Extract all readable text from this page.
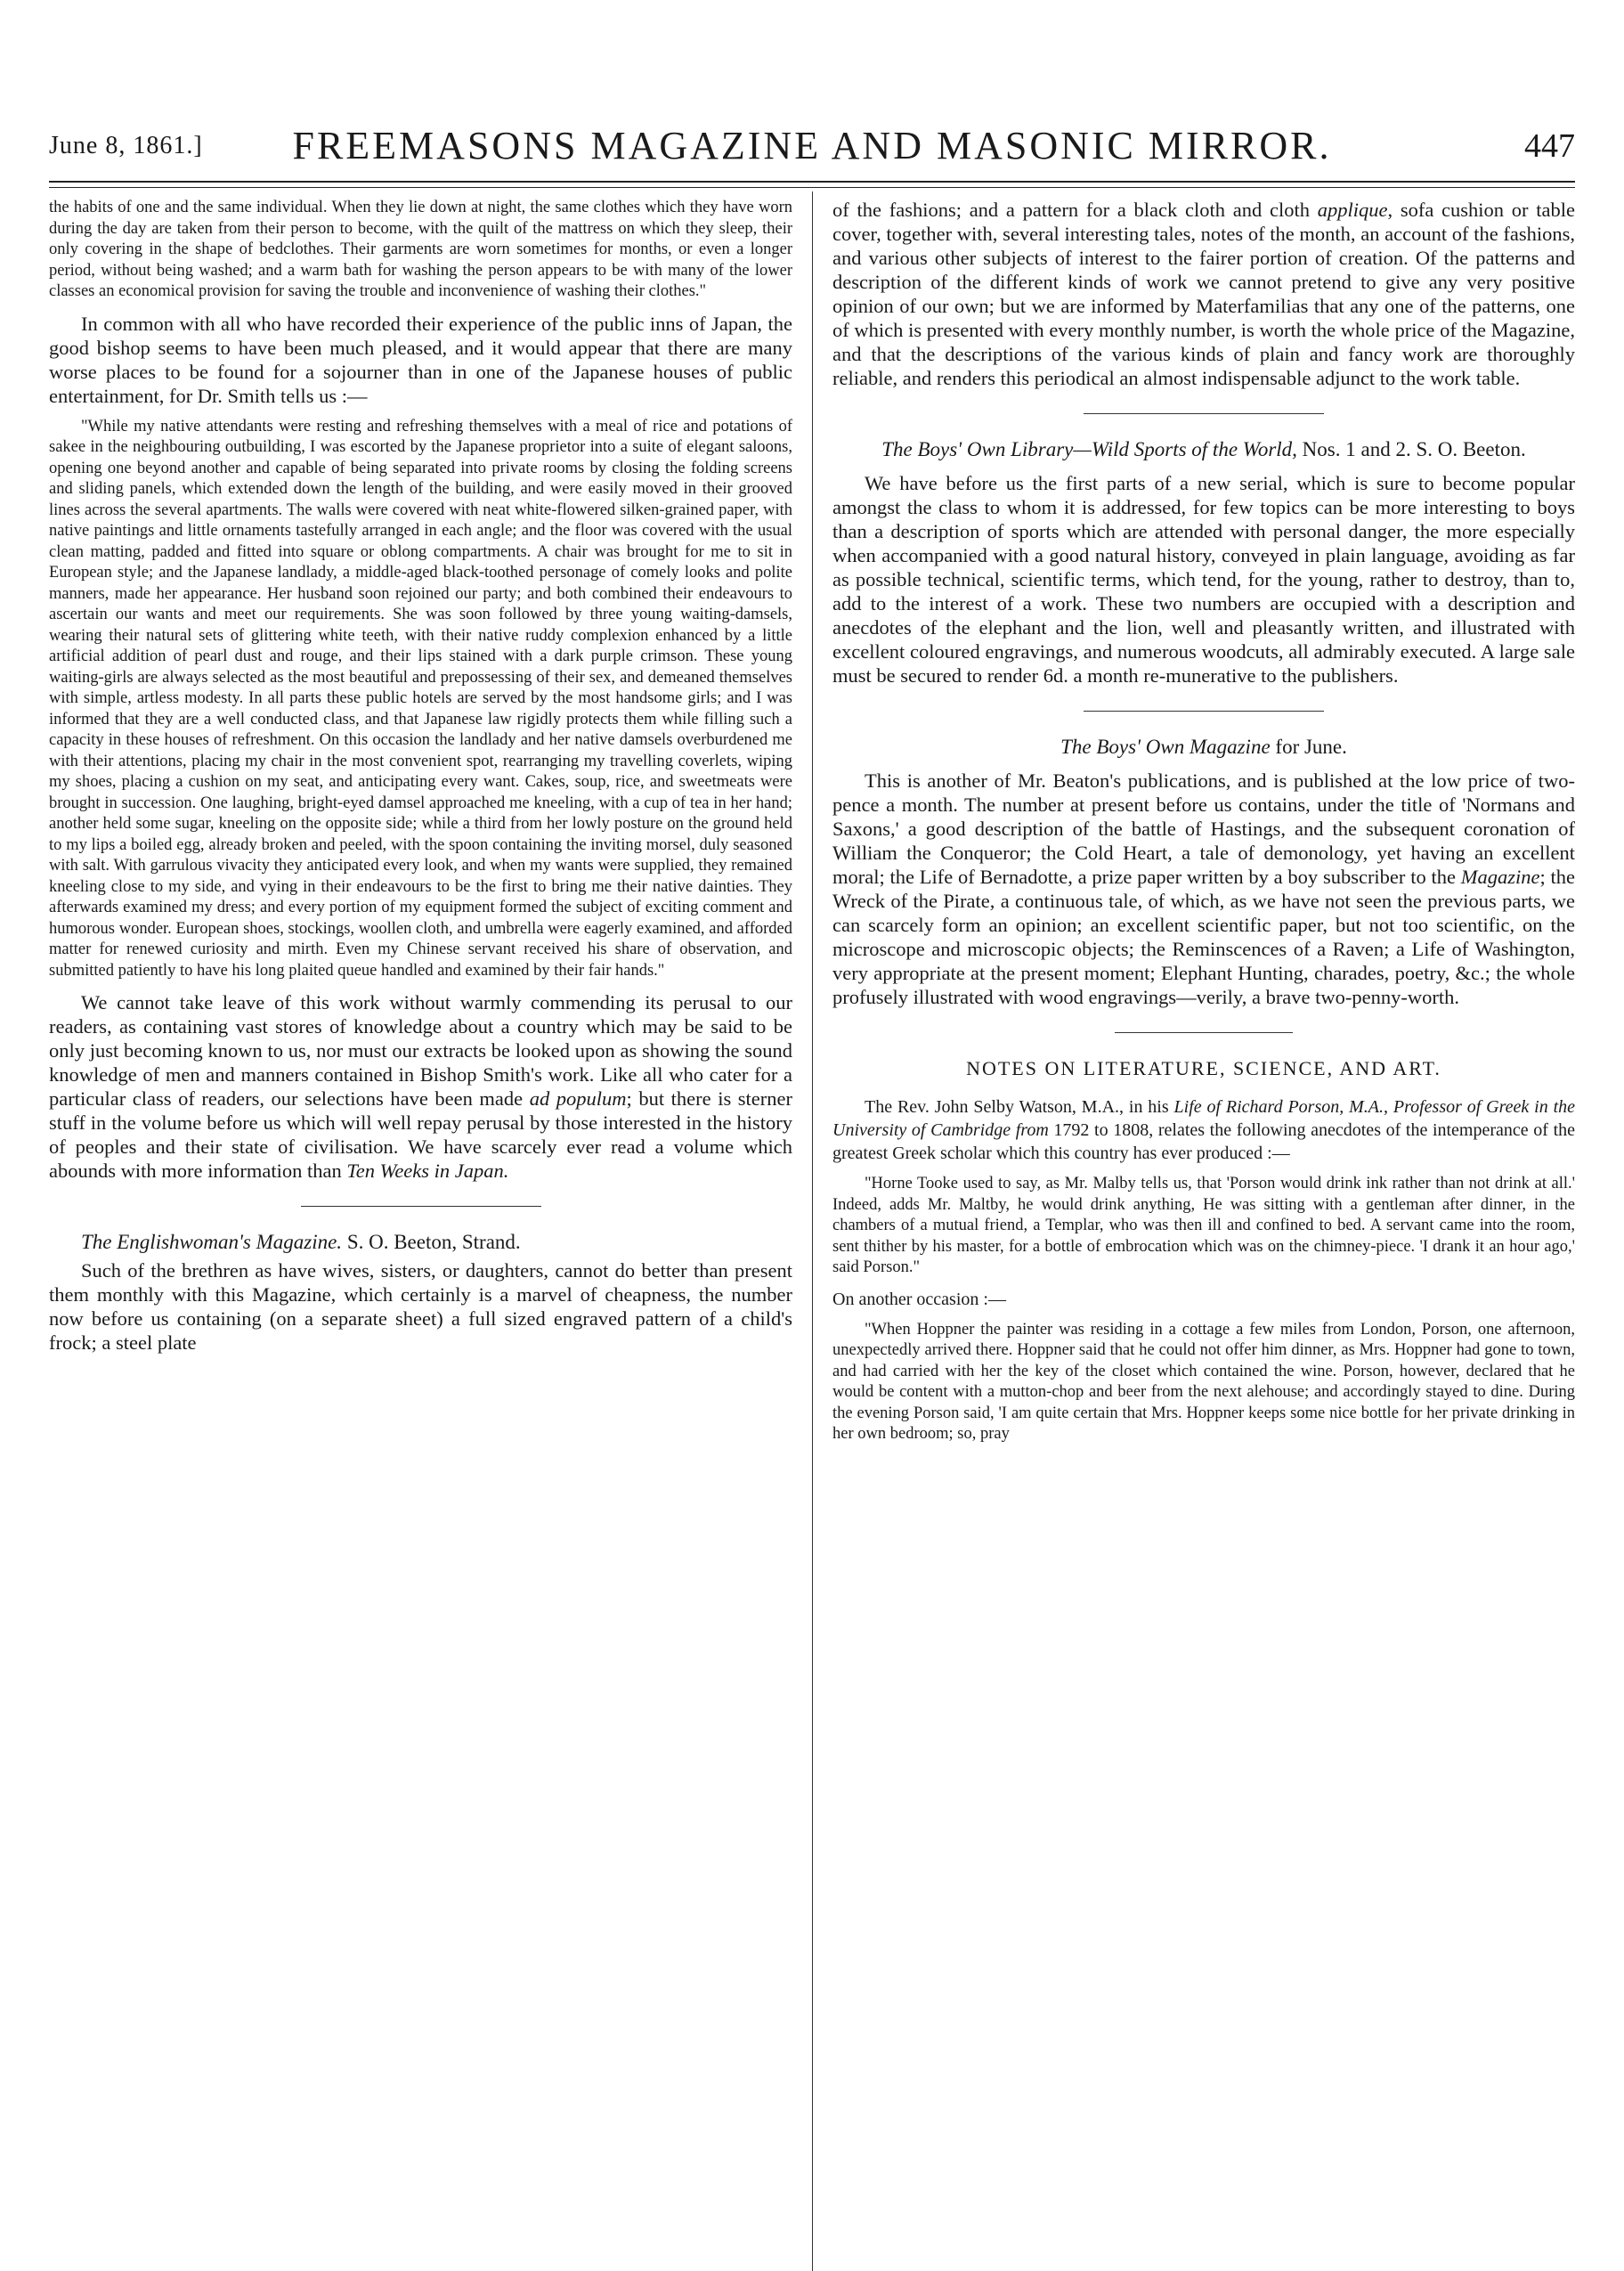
June 8, 1861.]	FREEMASONS MAGAZINE AND MASONIC MIRROR.	447

the habits of one and the same individual. When they lie down at night, the same clothes which they have worn during the day are taken from their person to become, with the quilt of the mattress on which they sleep, their only covering in the shape of bedclothes. Their garments are worn sometimes for months, or even a longer period, without being washed; and a warm bath for washing the person appears to be with many of the lower classes an economical provision for saving the trouble and inconvenience of washing their clothes."

In common with all who have recorded their experience of the public inns of Japan, the good bishop seems to have been much pleased, and it would appear that there are many worse places to be found for a sojourner than in one of the Japanese houses of public entertainment, for Dr. Smith tells us :—

"While my native attendants were resting and refreshing themselves with a meal of rice and potations of sakee in the neighbouring outbuilding, I was escorted by the Japanese proprietor into a suite of elegant saloons, opening one beyond another and capable of being separated into private rooms by closing the folding screens and sliding panels, which extended down the length of the building, and were easily moved in their grooved lines across the several apartments. The walls were covered with neat white-flowered silken-grained paper, with native paintings and little ornaments tastefully arranged in each angle; and the floor was covered with the usual clean matting, padded and fitted into square or oblong compartments. A chair was brought for me to sit in European style; and the Japanese landlady, a middle-aged black-toothed personage of comely looks and polite manners, made her appearance. Her husband soon rejoined our party; and both combined their endeavours to ascertain our wants and meet our requirements. She was soon followed by three young waiting-damsels, wearing their natural sets of glittering white teeth, with their native ruddy complexion enhanced by a little artificial addition of pearl dust and rouge, and their lips stained with a dark purple crimson. These young waiting-girls are always selected as the most beautiful and prepossessing of their sex, and demeaned themselves with simple, artless modesty. In all parts these public hotels are served by the most handsome girls; and I was informed that they are a well conducted class, and that Japanese law rigidly protects them while filling such a capacity in these houses of refreshment. On this occasion the landlady and her native damsels overburdened me with their attentions, placing my chair in the most convenient spot, rearranging my travelling coverlets, wiping my shoes, placing a cushion on my seat, and anticipating every want. Cakes, soup, rice, and sweetmeats were brought in succession. One laughing, bright-eyed damsel approached me kneeling, with a cup of tea in her hand; another held some sugar, kneeling on the opposite side; while a third from her lowly posture on the ground held to my lips a boiled egg, already broken and peeled, with the spoon containing the inviting morsel, duly seasoned with salt. With garrulous vivacity they anticipated every look, and when my wants were supplied, they remained kneeling close to my side, and vying in their endeavours to be the first to bring me their native dainties. They afterwards examined my dress; and every portion of my equipment formed the subject of exciting comment and humorous wonder. European shoes, stockings, woollen cloth, and umbrella were eagerly examined, and afforded matter for renewed curiosity and mirth. Even my Chinese servant received his share of observation, and submitted patiently to have his long plaited queue handled and examined by their fair hands."

We cannot take leave of this work without warmly commending its perusal to our readers, as containing vast stores of knowledge about a country which may be said to be only just becoming known to us, nor must our extracts be looked upon as showing the sound knowledge of men and manners contained in Bishop Smith's work. Like all who cater for a particular class of readers, our selections have been made ad populum; but there is sterner stuff in the volume before us which will well repay perusal by those interested in the history of peoples and their state of civilisation. We have scarcely ever read a volume which abounds with more information than Ten Weeks in Japan.

The Englishwoman's Magazine. S. O. Beeton, Strand.

Such of the brethren as have wives, sisters, or daughters, cannot do better than present them monthly with this Magazine, which certainly is a marvel of cheapness, the number now before us containing (on a separate sheet) a full sized engraved pattern of a child's frock; a steel plate

of the fashions; and a pattern for a black cloth and cloth applique, sofa cushion or table cover, together with, several interesting tales, notes of the month, an account of the fashions, and various other subjects of interest to the fairer portion of creation. Of the patterns and description of the different kinds of work we cannot pretend to give any very positive opinion of our own; but we are informed by Materfamilias that any one of the patterns, one of which is presented with every monthly number, is worth the whole price of the Magazine, and that the descriptions of the various kinds of plain and fancy work are thoroughly reliable, and renders this periodical an almost indispensable adjunct to the work table.

The Boys' Own Library—Wild Sports of the World, Nos. 1 and 2. S. O. Beeton.

We have before us the first parts of a new serial, which is sure to become popular amongst the class to whom it is addressed, for few topics can be more interesting to boys than a description of sports which are attended with personal danger, the more especially when accompanied with a good natural history, conveyed in plain language, avoiding as far as possible technical, scientific terms, which tend, for the young, rather to destroy, than to, add to the interest of a work. These two numbers are occupied with a description and anecdotes of the elephant and the lion, well and pleasantly written, and illustrated with excellent coloured engravings, and numerous woodcuts, all admirably executed. A large sale must be secured to render 6d. a month re-munerative to the publishers.

The Boys' Own Magazine for June.

This is another of Mr. Beaton's publications, and is published at the low price of two-pence a month. The number at present before us contains, under the title of 'Normans and Saxons,' a good description of the battle of Hastings, and the subsequent coronation of William the Conqueror; the Cold Heart, a tale of demonology, yet having an excellent moral; the Life of Bernadotte, a prize paper written by a boy subscriber to the Magazine; the Wreck of the Pirate, a continuous tale, of which, as we have not seen the previous parts, we can scarcely form an opinion; an excellent scientific paper, but not too scientific, on the microscope and microscopic objects; the Reminscences of a Raven; a Life of Washington, very appropriate at the present moment; Elephant Hunting, charades, poetry, &c.; the whole profusely illustrated with wood engravings—verily, a brave two-penny-worth.

NOTES ON LITERATURE, SCIENCE, AND ART.

The Rev. John Selby Watson, M.A., in his Life of Richard Porson, M.A., Professor of Greek in the University of Cambridge from 1792 to 1808, relates the following anecdotes of the intemperance of the greatest Greek scholar which this country has ever produced :—

"Horne Tooke used to say, as Mr. Malby tells us, that 'Porson would drink ink rather than not drink at all.' Indeed, adds Mr. Maltby, he would drink anything, He was sitting with a gentleman after dinner, in the chambers of a mutual friend, a Templar, who was then ill and confined to bed. A servant came into the room, sent thither by his master, for a bottle of embrocation which was on the chimney-piece. 'I drank it an hour ago,' said Porson."

On another occasion :—

"When Hoppner the painter was residing in a cottage a few miles from London, Porson, one afternoon, unexpectedly arrived there. Hoppner said that he could not offer him dinner, as Mrs. Hoppner had gone to town, and had carried with her the key of the closet which contained the wine. Porson, however, declared that he would be content with a mutton-chop and beer from the next alehouse; and accordingly stayed to dine. During the evening Porson said, 'I am quite certain that Mrs. Hoppner keeps some nice bottle for her private drinking in her own bedroom; so, pray
